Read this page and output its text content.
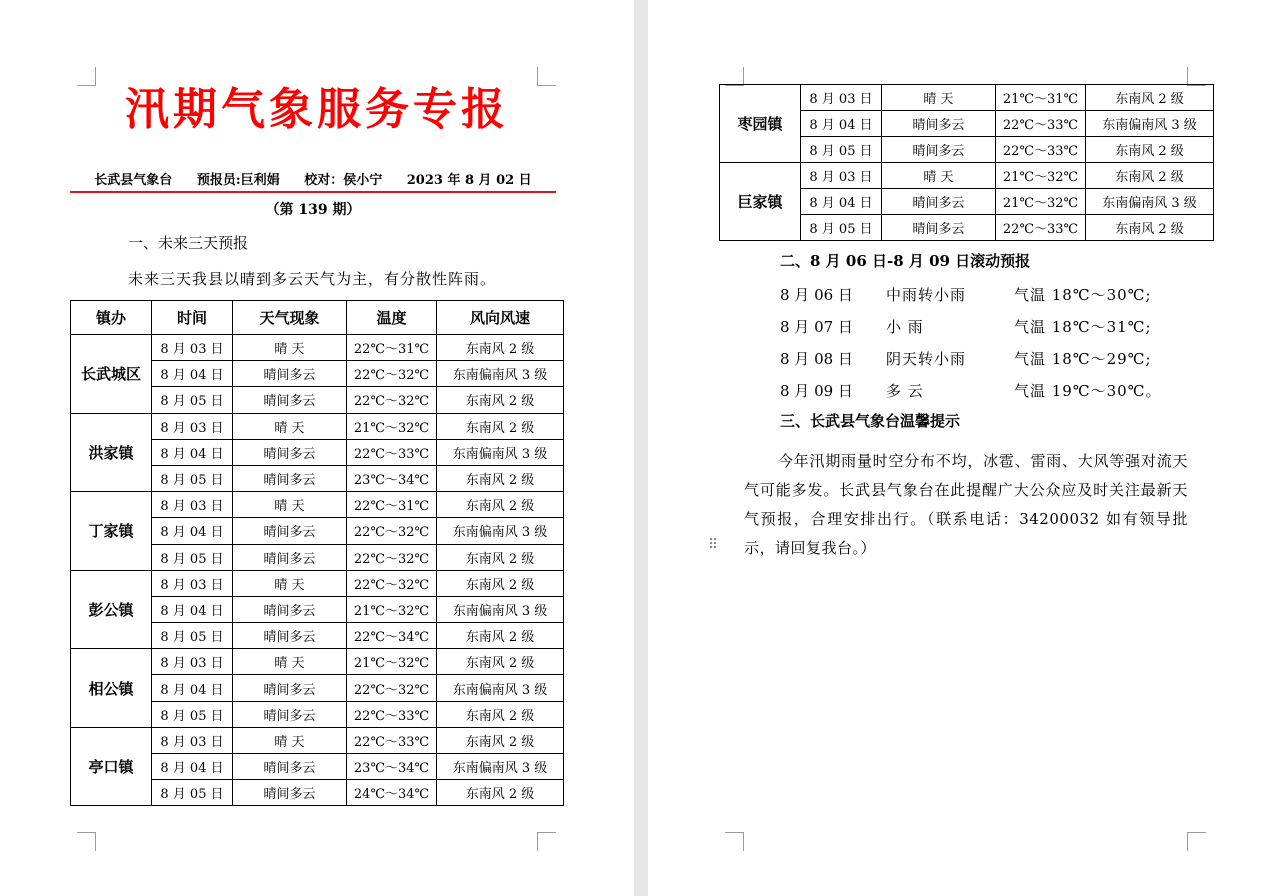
汛期气象服务专报
长武县气象台 预报员:巨利娟 校对：侯小宁 2023 年 8 月 02 日
（第 139 期）
一、未来三天预报
未来三天我县以晴到多云天气为主，有分散性阵雨。
镇办	时间	天气现象	温度	风向风速
长武城区	8 月 03 日	晴 天	22℃～31℃	东南风 2 级
	8 月 04 日	晴间多云	22℃～32℃	东南偏南风 3 级
	8 月 05 日	晴间多云	22℃～32℃	东南风 2 级
洪家镇	8 月 03 日	晴 天	21℃～32℃	东南风 2 级
	8 月 04 日	晴间多云	22℃～33℃	东南偏南风 3 级
	8 月 05 日	晴间多云	23℃～34℃	东南风 2 级
丁家镇	8 月 03 日	晴 天	22℃～31℃	东南风 2 级
	8 月 04 日	晴间多云	22℃～32℃	东南偏南风 3 级
	8 月 05 日	晴间多云	22℃～32℃	东南风 2 级
彭公镇	8 月 03 日	晴 天	22℃～32℃	东南风 2 级
	8 月 04 日	晴间多云	21℃～32℃	东南偏南风 3 级
	8 月 05 日	晴间多云	22℃～34℃	东南风 2 级
相公镇	8 月 03 日	晴 天	21℃～32℃	东南风 2 级
	8 月 04 日	晴间多云	22℃～32℃	东南偏南风 3 级
	8 月 05 日	晴间多云	22℃～33℃	东南风 2 级
亭口镇	8 月 03 日	晴 天	22℃～33℃	东南风 2 级
	8 月 04 日	晴间多云	23℃～34℃	东南偏南风 3 级
	8 月 05 日	晴间多云	24℃～34℃	东南风 2 级
枣园镇	8 月 03 日	晴 天	21℃～31℃	东南风 2 级
	8 月 04 日	晴间多云	22℃～33℃	东南偏南风 3 级
	8 月 05 日	晴间多云	22℃～33℃	东南风 2 级
巨家镇	8 月 03 日	晴 天	21℃～32℃	东南风 2 级
	8 月 04 日	晴间多云	21℃～32℃	东南偏南风 3 级
	8 月 05 日	晴间多云	22℃～33℃	东南风 2 级
二、8 月 06 日-8 月 09 日滚动预报
8 月 06 日 中雨转小雨	气温 18℃～30℃;
8 月 07 日 小 雨	气温 18℃～31℃;
8 月 08 日 阴天转小雨	气温 18℃～29℃;
8 月 09 日 多 云	气温 19℃～30℃。
三、长武县气象台温馨提示
今年汛期雨量时空分布不均，冰雹、雷雨、大风等强对流天气可能多发。长武县气象台在此提醒广大公众应及时关注最新天气预报，合理安排出行。（联系电话：34200032 如有领导批示，请回复我台。）
⠿
